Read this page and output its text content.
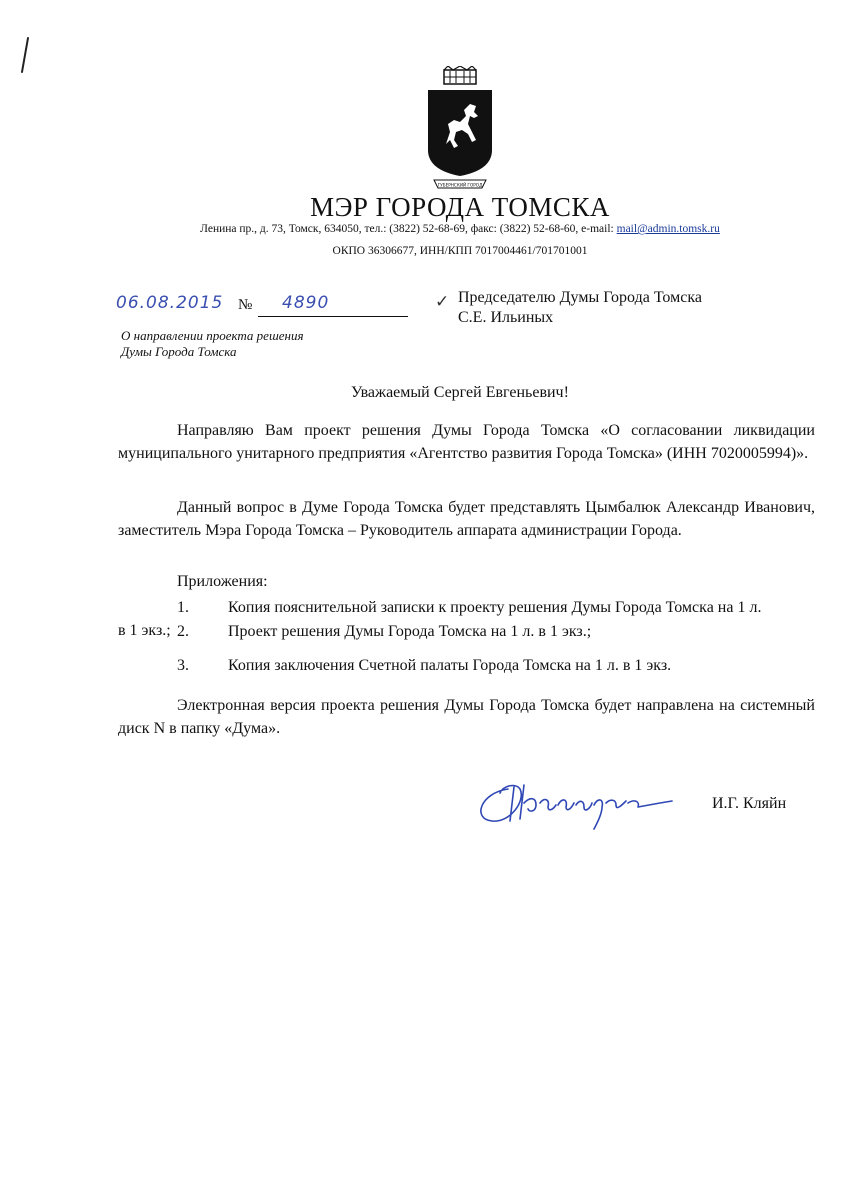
ГУБЕРНСКИЙ ГОРОД
МЭР ГОРОДА ТОМСКА
Ленина пр., д. 73, Томск, 634050, тел.: (3822) 52-68-69, факс: (3822) 52-68-60, e-mail: mail@admin.tomsk.ru
ОКПО 36306677, ИНН/КПП 7017004461/701701001
06.08.2015 № 4890	✓ Председателю Думы Города Томска
С.Е. Ильиных
О направлении проекта решения
Думы Города Томска
Уважаемый Сергей Евгеньевич!
Направляю Вам проект решения Думы Города Томска «О согласовании ликвидации муниципального унитарного предприятия «Агентство развития Города Томска» (ИНН 7020005994)».
Данный вопрос в Думе Города Томска будет представлять Цымбалюк Александр Иванович, заместитель Мэра Города Томска – Руководитель аппарата администрации Города.
Приложения:
1.	Копия пояснительной записки к проекту решения Думы Города Томска на 1 л.
в 1 экз.; 2.	Проект решения Думы Города Томска на 1 л. в 1 экз.;
3.	Копия заключения Счетной палаты Города Томска на 1 л. в 1 экз.
Электронная версия проекта решения Думы Города Томска будет направлена на системный диск N в папку «Дума».
И.Г. Кляйн
